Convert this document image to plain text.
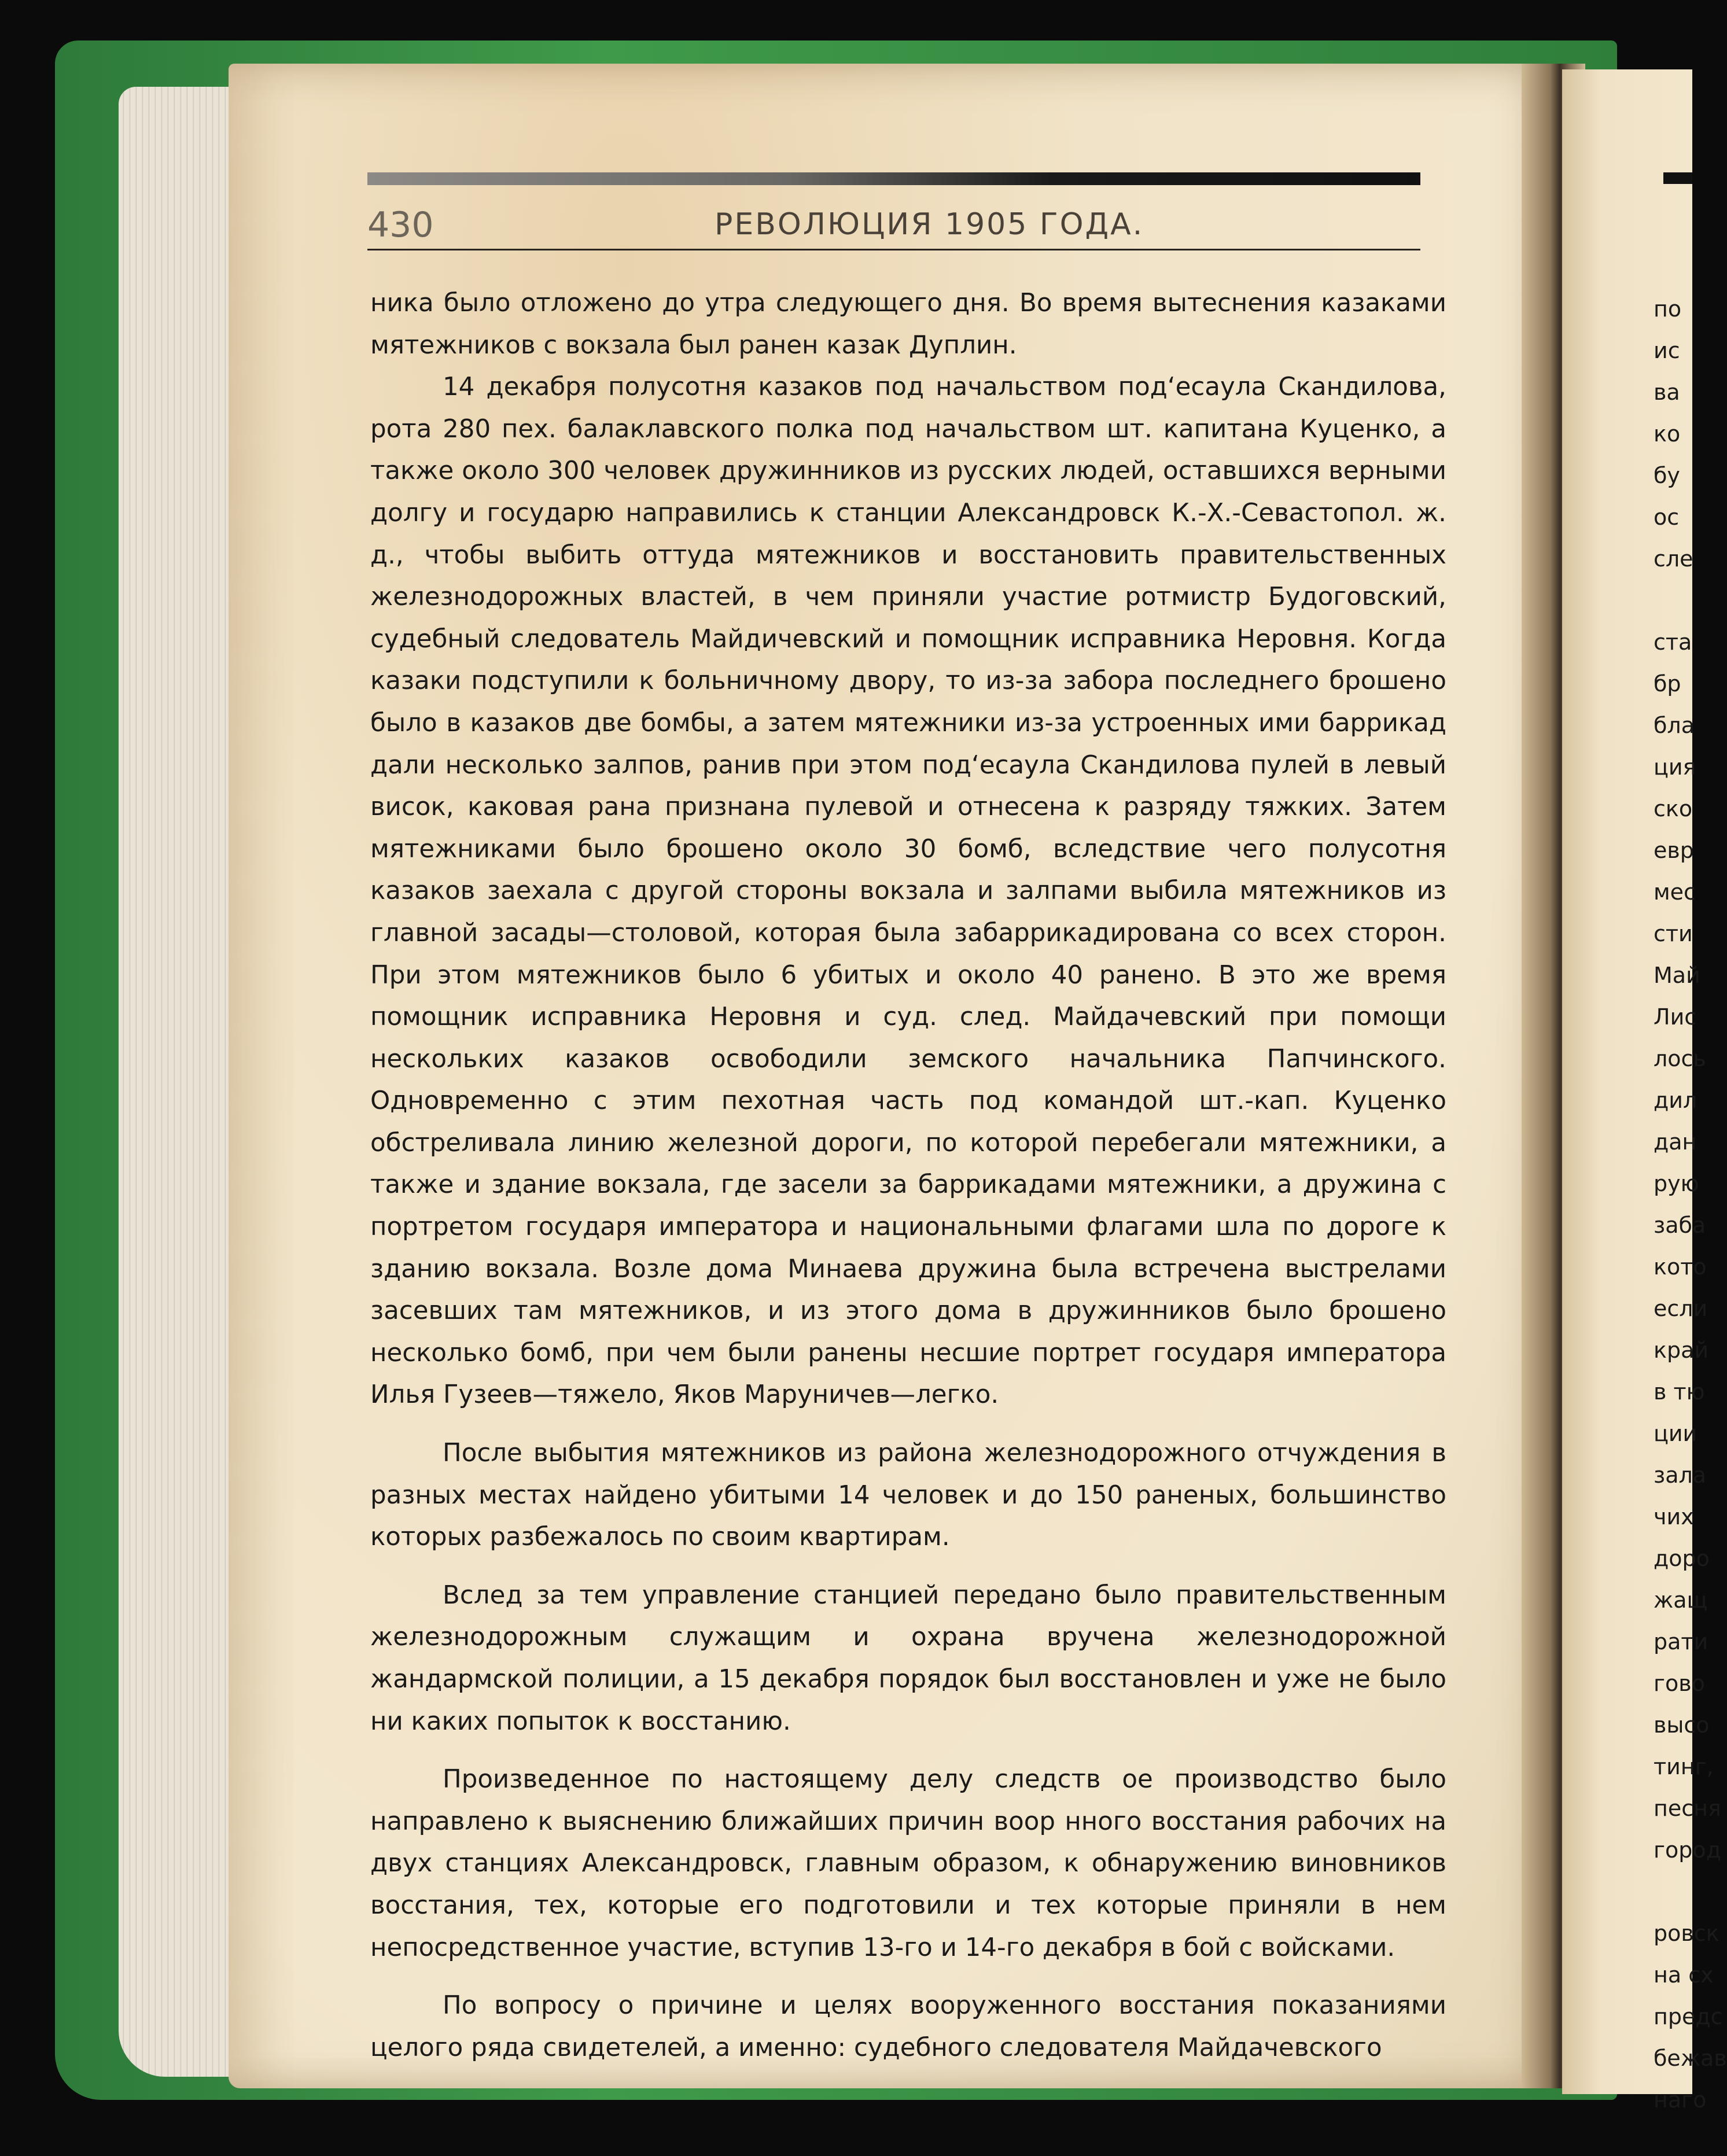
430	РЕВОЛЮЦИЯ 1905 ГОДА.

ника было отложено до утра следующего дня. Во время вытеснения казаками мятежников с вокзала был ранен казак Дуплин.

14 декабря полусотня казаков под начальством под‘есаула Скандилова, рота 280 пех. балаклавского полка под начальством шт. капитана Куценко, а также около 300 человек дружинников из русских людей, оставшихся верными долгу и государю направились к станции Александровск К.-Х.-Севастопол. ж. д., чтобы выбить оттуда мятежников и восстановить правительственных железнодорожных властей, в чем приняли участие ротмистр Будоговский, судебный следователь Майдичевский и помощник исправника Неровня. Когда казаки подступили к больничному двору, то из-за забора последнего брошено было в казаков две бомбы, а затем мятежники из-за устроенных ими баррикад дали несколько залпов, ранив при этом под‘есаула Скандилова пулей в левый висок, каковая рана признана пулевой и отнесена к разряду тяжких. Затем мятежниками было брошено около 30 бомб, вследствие чего полусотня казаков заехала с другой стороны вокзала и залпами выбила мятежников из главной засады—столовой, которая была забаррикадирована со всех сторон. При этом мятежников было 6 убитых и около 40 ранено. В это же время помощник исправника Неровня и суд. след. Майдачевский при помощи нескольких казаков освободили земского начальника Папчинского. Одновременно с этим пехотная часть под командой шт.-кап. Куценко обстреливала линию железной дороги, по которой перебегали мятежники, а также и здание вокзала, где засели за баррикадами мятежники, а дружина с портретом государя императора и национальными флагами шла по дороге к зданию вокзала. Возле дома Минаева дружина была встречена выстрелами засевших там мятежников, и из этого дома в дружинников было брошено несколько бомб, при чем были ранены несшие портрет государя императора Илья Гузеев—тяжело, Яков Маруничев—легко.

После выбытия мятежников из района железнодорожного отчуждения в разных местах найдено убитыми 14 человек и до 150 раненых, большинство которых разбежалось по своим квартирам.

Вслед за тем управление станцией передано было правительственным железнодорожным служащим и охрана вручена железнодорожной жандармской полиции, а 15 декабря порядок был восстановлен и уже не было ни каких попыток к восстанию.

Произведенное по настоящему делу следств ое производство было направлено к выяснению ближайших причин воор нного восстания рабочих на двух станциях Александровск, главным образом, к обнаружению виновников восстания, тех, которые его подготовили и тех которые приняли в нем непосредственное участие, вступив 13-го и 14-го декабря в бой с войсками.

По вопросу о причине и целях вооруженного восстания показаниями целого ряда свидетелей, а именно: судебного следователя Майдачевского

по
ис
ва
ко
бу
ос
сле
ста
бр
бла
ция
ско
евр
мес
сти
Май
Лис
лось
дил
дан
рую
заба
кото
если
край
в тю
ции
зала
чих
доро
жащ
рати
гово
высо
тинг,
песня
город
ровск
на сх
предс
бежав
наго
